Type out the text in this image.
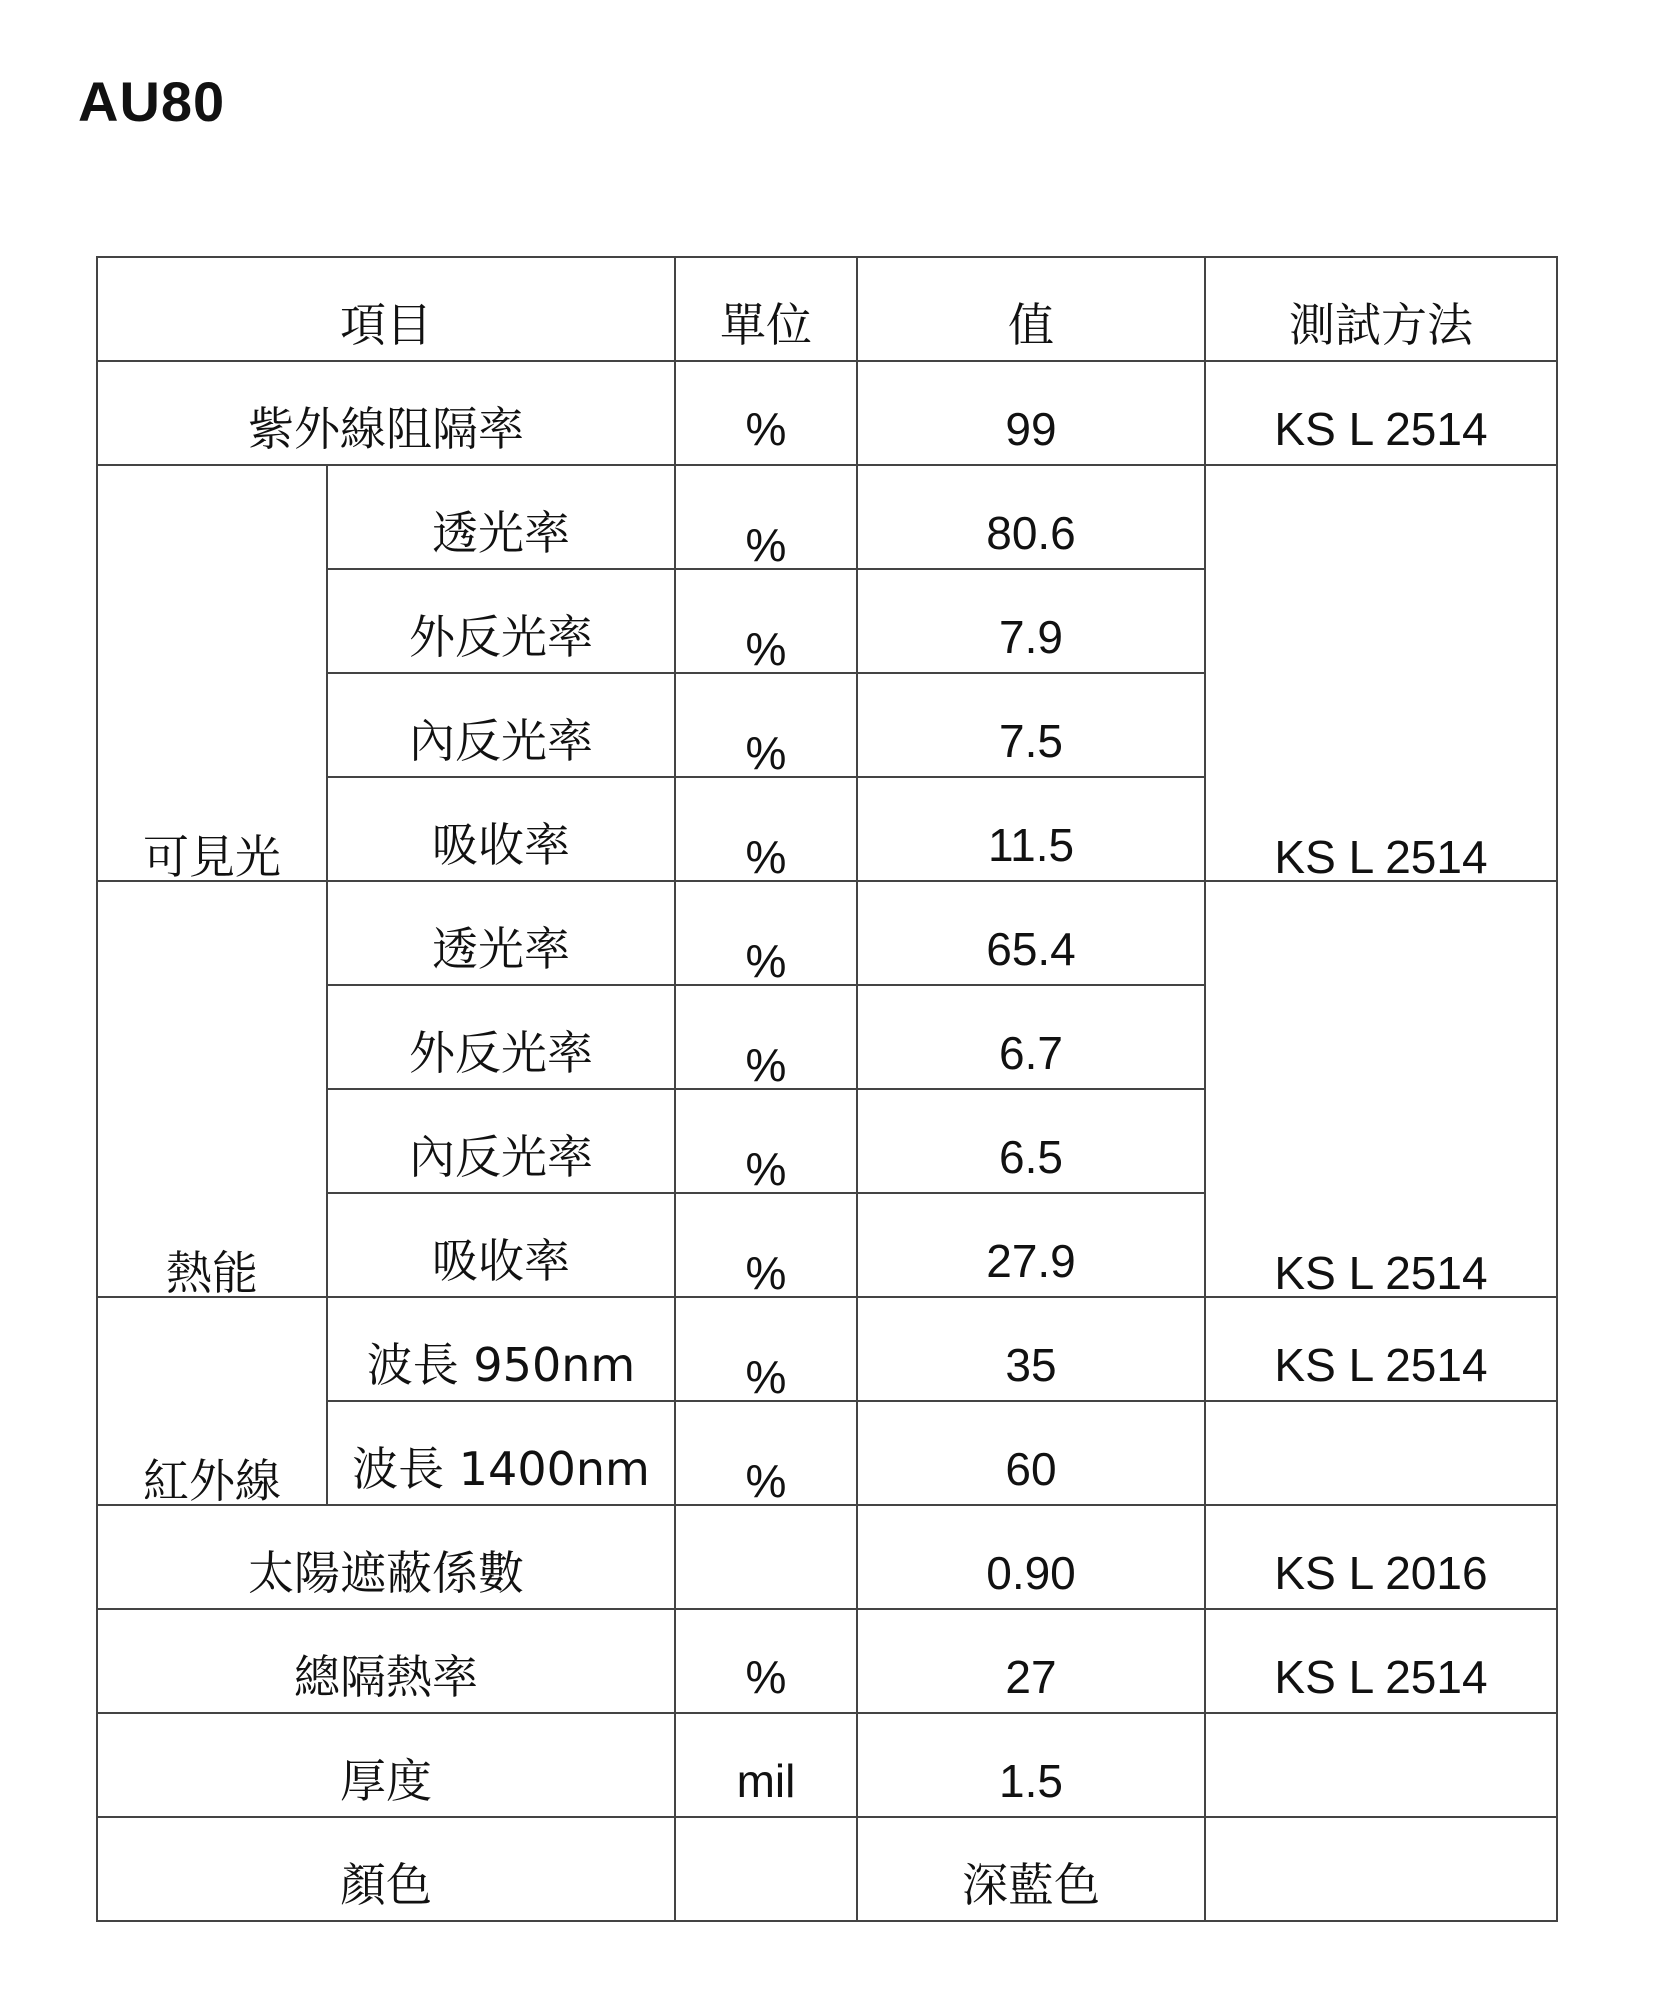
AU80
項目		單位	值	測試方法

紫外線阻隔率		%	99	KS L 2514

可見光	透光率	%	80.6	KS L 2514

	外反光率	%	7.9	

	內反光率	%	7.5	

	吸收率	%	11.5	

熱能	透光率	%	65.4	KS L 2514

	外反光率	%	6.7	

	內反光率	%	6.5	

	吸收率	%	27.9	

紅外線	波長 950nm	%	35	KS L 2514

	波長 1400nm	%	60	

太陽遮蔽係數			0.90	KS L 2016

總隔熱率		%	27	KS L 2514

厚度		mil	1.5	

顏色			深藍色	
